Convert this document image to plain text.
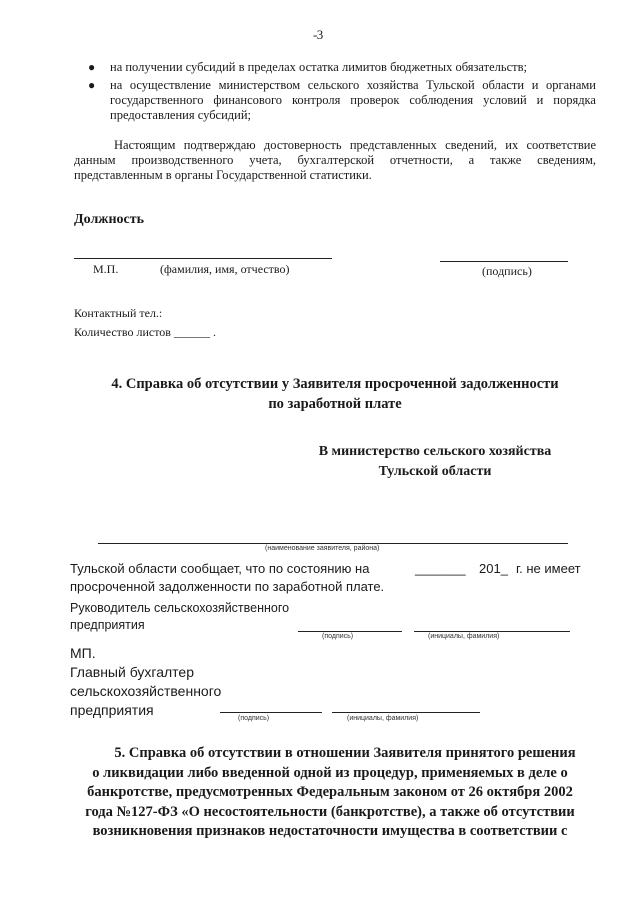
- 3
● на получении субсидий в пределах остатка лимитов бюджетных обязательств;
● на осуществление министерством сельского хозяйства Тульской области и органами государственного финансового контроля проверок соблюдения условий и порядка предоставления субсидий;

Настоящим подтверждаю достоверность представленных сведений, их соответствие данным производственного учета, бухгалтерской отчетности, а также сведениям, представленным в органы Государственной статистики.

Должность
М.П.	(фамилия, имя, отчество)	(подпись)
Контактный тел.:
Количество листов ______ .

4. Справка об отсутствии у Заявителя просроченной задолженности
по заработной плате

В министерство сельского хозяйства
Тульской области
(наименование заявителя, района)
Тульской области сообщает, что по состоянию на	_______ 201_ г. не имеет
просроченной задолженности по заработной плате.
Руководитель сельскохозяйственного
предприятия
(подпись)	(инициалы, фамилия)
МП.
Главный бухгалтер
сельскохозяйственного
предприятия
(подпись)	(инициалы, фамилия)
5. Справка об отсутствии в отношении Заявителя принятого решения
о ликвидации либо введенной одной из процедур, применяемых в деле о
банкротстве, предусмотренных Федеральным законом от 26 октября 2002
года №127-ФЗ «О несостоятельности (банкротстве), а также об отсутствии
возникновения признаков недостаточности имущества в соответствии с
